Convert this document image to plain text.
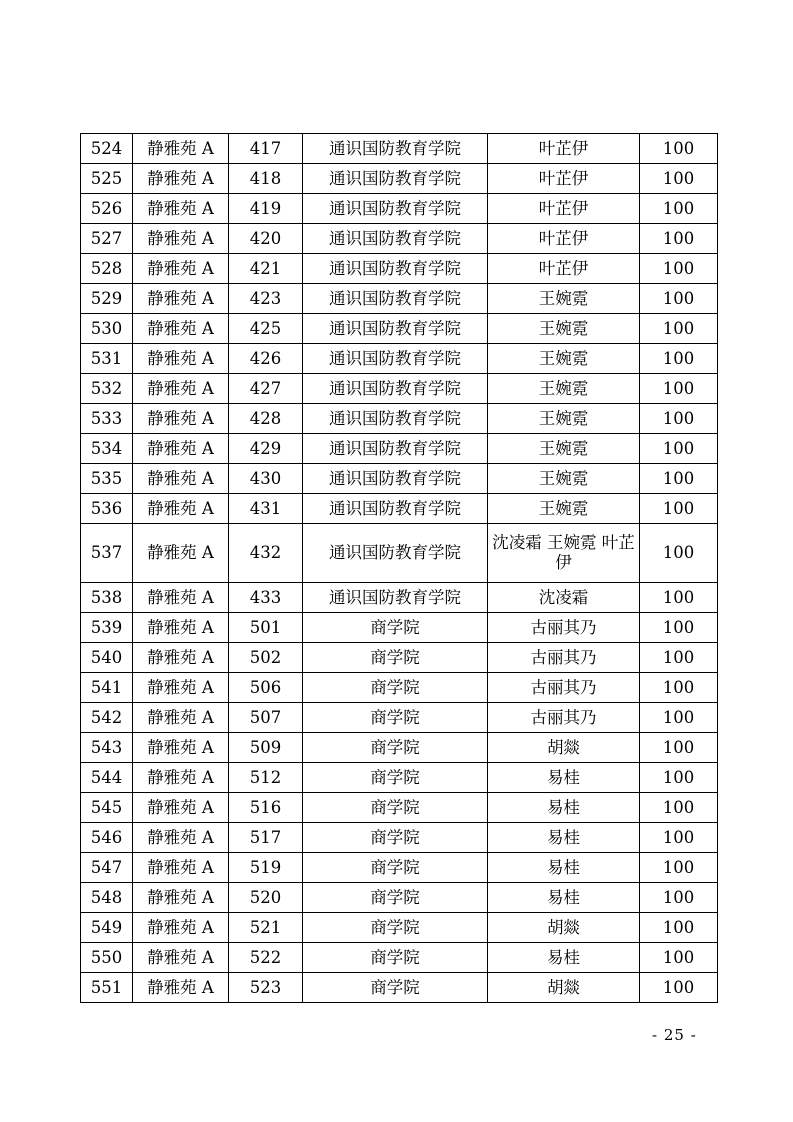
524	静雅苑 A	417	通识国防教育学院	叶芷伊	100
525	静雅苑 A	418	通识国防教育学院	叶芷伊	100
526	静雅苑 A	419	通识国防教育学院	叶芷伊	100
527	静雅苑 A	420	通识国防教育学院	叶芷伊	100
528	静雅苑 A	421	通识国防教育学院	叶芷伊	100
529	静雅苑 A	423	通识国防教育学院	王婉霓	100
530	静雅苑 A	425	通识国防教育学院	王婉霓	100
531	静雅苑 A	426	通识国防教育学院	王婉霓	100
532	静雅苑 A	427	通识国防教育学院	王婉霓	100
533	静雅苑 A	428	通识国防教育学院	王婉霓	100
534	静雅苑 A	429	通识国防教育学院	王婉霓	100
535	静雅苑 A	430	通识国防教育学院	王婉霓	100
536	静雅苑 A	431	通识国防教育学院	王婉霓	100
537	静雅苑 A	432	通识国防教育学院	沈凌霜 王婉霓 叶芷伊	100
538	静雅苑 A	433	通识国防教育学院	沈凌霜	100
539	静雅苑 A	501	商学院	古丽其乃	100
540	静雅苑 A	502	商学院	古丽其乃	100
541	静雅苑 A	506	商学院	古丽其乃	100
542	静雅苑 A	507	商学院	古丽其乃	100
543	静雅苑 A	509	商学院	胡燚	100
544	静雅苑 A	512	商学院	易桂	100
545	静雅苑 A	516	商学院	易桂	100
546	静雅苑 A	517	商学院	易桂	100
547	静雅苑 A	519	商学院	易桂	100
548	静雅苑 A	520	商学院	易桂	100
549	静雅苑 A	521	商学院	胡燚	100
550	静雅苑 A	522	商学院	易桂	100
551	静雅苑 A	523	商学院	胡燚	100
- 25 -
